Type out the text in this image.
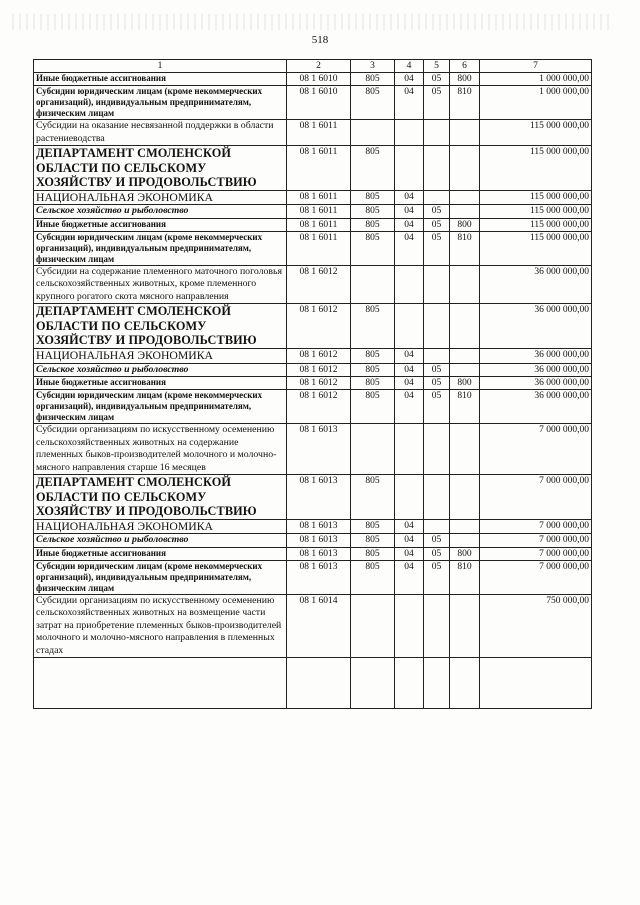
518
1	2	3	4	5	6	7
Иные бюджетные ассигнования	08 1 6010	805	04	05	800	1 000 000,00
Субсидии юридическим лицам (кроме некоммерческих организаций), индивидуальным предпринимателям, физическим лицам	08 1 6010	805	04	05	810	1 000 000,00
Субсидии на оказание несвязанной поддержки в области растениеводства	08 1 6011					115 000 000,00
ДЕПАРТАМЕНТ СМОЛЕНСКОЙ ОБЛАСТИ ПО СЕЛЬСКОМУ ХОЗЯЙСТВУ И ПРОДОВОЛЬСТВИЮ	08 1 6011	805				115 000 000,00
НАЦИОНАЛЬНАЯ ЭКОНОМИКА	08 1 6011	805	04			115 000 000,00
Сельское хозяйство и рыболовство	08 1 6011	805	04	05		115 000 000,00
Иные бюджетные ассигнования	08 1 6011	805	04	05	800	115 000 000,00
Субсидии юридическим лицам (кроме некоммерческих организаций), индивидуальным предпринимателям, физическим лицам	08 1 6011	805	04	05	810	115 000 000,00
Субсидии на содержание племенного маточного поголовья сельскохозяйственных животных, кроме племенного крупного рогатого скота мясного направления	08 1 6012					36 000 000,00
ДЕПАРТАМЕНТ СМОЛЕНСКОЙ ОБЛАСТИ ПО СЕЛЬСКОМУ ХОЗЯЙСТВУ И ПРОДОВОЛЬСТВИЮ	08 1 6012	805				36 000 000,00
НАЦИОНАЛЬНАЯ ЭКОНОМИКА	08 1 6012	805	04			36 000 000,00
Сельское хозяйство и рыболовство	08 1 6012	805	04	05		36 000 000,00
Иные бюджетные ассигнования	08 1 6012	805	04	05	800	36 000 000,00
Субсидии юридическим лицам (кроме некоммерческих организаций), индивидуальным предпринимателям, физическим лицам	08 1 6012	805	04	05	810	36 000 000,00
Субсидии организациям по искусственному осеменению сельскохозяйственных животных на содержание племенных быков-производителей молочного и молочно-мясного направления старше 16 месяцев	08 1 6013					7 000 000,00
ДЕПАРТАМЕНТ СМОЛЕНСКОЙ ОБЛАСТИ ПО СЕЛЬСКОМУ ХОЗЯЙСТВУ И ПРОДОВОЛЬСТВИЮ	08 1 6013	805				7 000 000,00
НАЦИОНАЛЬНАЯ ЭКОНОМИКА	08 1 6013	805	04			7 000 000,00
Сельское хозяйство и рыболовство	08 1 6013	805	04	05		7 000 000,00
Иные бюджетные ассигнования	08 1 6013	805	04	05	800	7 000 000,00
Субсидии юридическим лицам (кроме некоммерческих организаций), индивидуальным предпринимателям, физическим лицам	08 1 6013	805	04	05	810	7 000 000,00
Субсидии организациям по искусственному осеменению сельскохозяйственных животных на возмещение части затрат на приобретение племенных быков-производителей молочного и молочно-мясного направления в племенных стадах	08 1 6014					750 000,00
